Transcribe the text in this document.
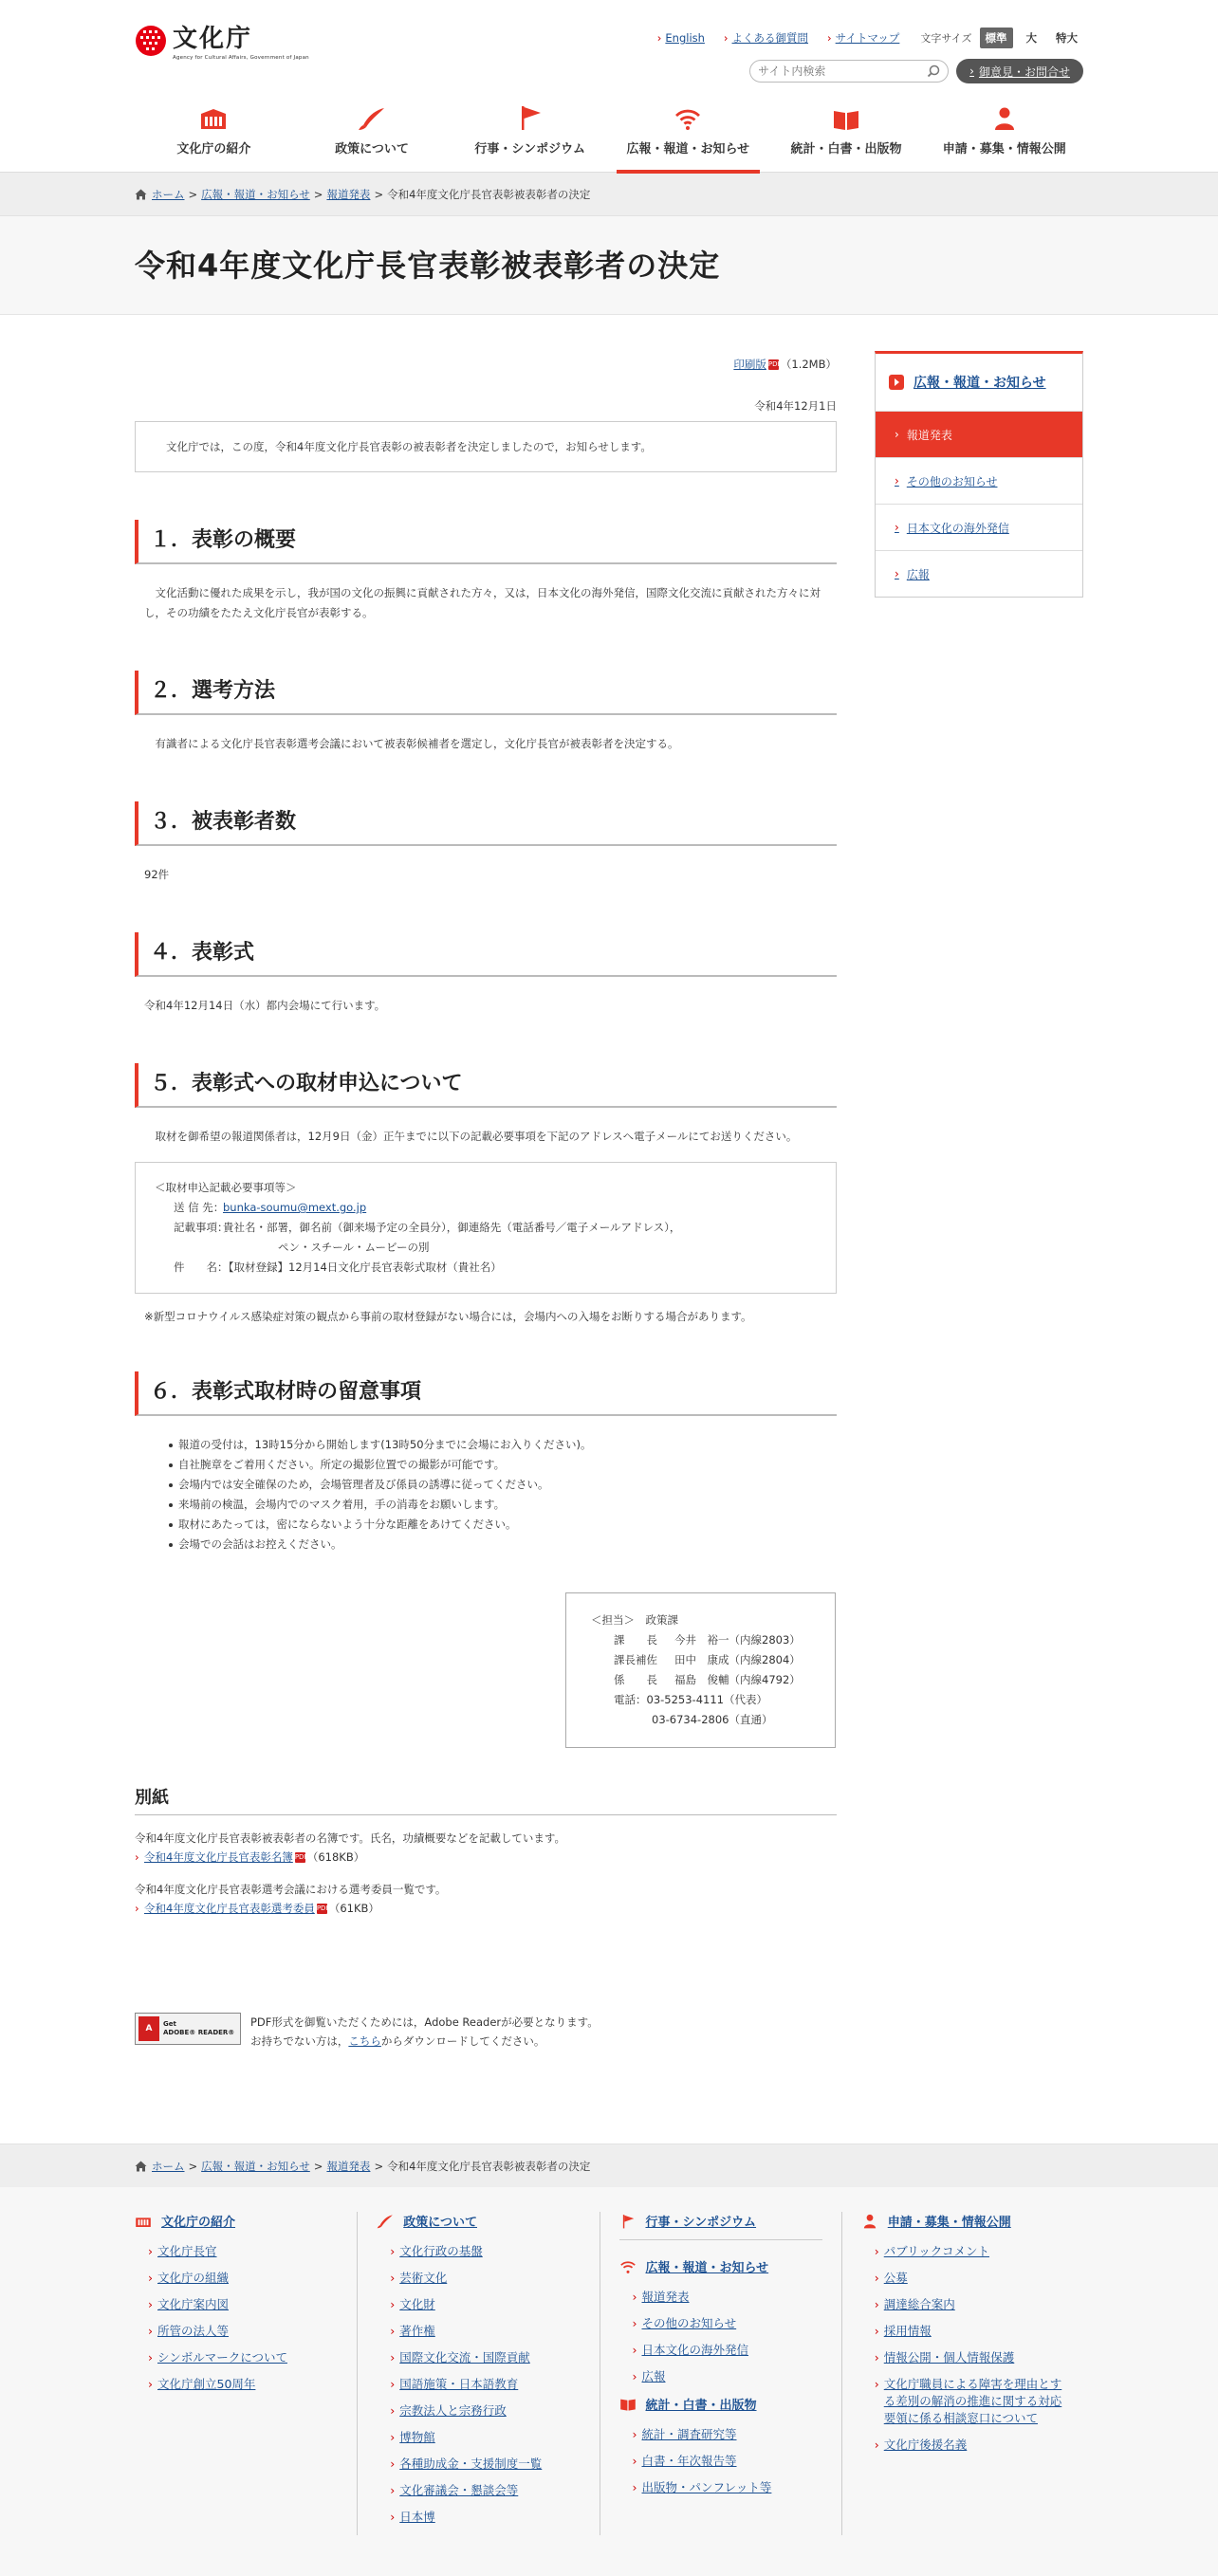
文化庁
Agency for Cultural Affairs, Government of Japan
› English	› よくある御質問	› サイトマップ 文字サイズ	標準	大	特大
サイト内検索
› 御意見・お問合せ
文化庁の紹介	政策について	行事・シンポジウム	広報・報道・お知らせ	統計・白書・出版物	申請・募集・情報公開
ホーム > 広報・報道・お知らせ > 報道発表 > 令和4年度文化庁長官表彰被表彰者の決定
令和4年度文化庁長官表彰被表彰者の決定
印刷版 PDF（1.2MB）
令和4年12月1日
文化庁では，この度，令和4年度文化庁長官表彰の被表彰者を決定しましたので，お知らせします。
１．表彰の概要

文化活動に優れた成果を示し，我が国の文化の振興に貢献された方々，又は，日本文化の海外発信，国際文化交流に貢献された方々に対し，その功績をたたえ文化庁長官が表彰する。

２．選考方法

有識者による文化庁長官表彰選考会議において被表彰候補者を選定し，文化庁長官が被表彰者を決定する。

３．被表彰者数

92件

４．表彰式

令和4年12月14日（水）都内会場にて行います。

５．表彰式への取材申込について

取材を御希望の報道関係者は，12月9日（金）正午までに以下の記載必要事項を下記のアドレスへ電子メールにてお送りください。

＜取材申込記載必要事項等＞
送 信 先：
bunka-soumu@mext.go.jp
記載事項：
貴社名・部署，御名前（御来場予定の全員分），御連絡先（電話番号／電子メールアドレス），
ペン・スチール・ムービーの別
件　　名：
【取材登録】12月14日文化庁長官表彰式取材（貴社名）

※新型コロナウイルス感染症対策の観点から事前の取材登録がない場合には，会場内への入場をお断りする場合があります。

６．表彰式取材時の留意事項
報道の受付は，13時15分から開始します(13時50分までに会場にお入りください)。
自社腕章をご着用ください。所定の撮影位置での撮影が可能です。
会場内では安全確保のため，会場管理者及び係員の誘導に従ってください。
来場前の検温，会場内でのマスク着用，手の消毒をお願いします。
取材にあたっては，密にならないよう十分な距離をあけてください。
会場での会話はお控えください。
＜担当＞　政策課
課　　長	今井　裕一（内線2803）
課長補佐	田中　康成（内線2804）
係　　長	福島　俊輔（内線4792）
電話： 03-5253-4111（代表）
03-6734-2806（直通）
別紙

令和4年度文化庁長官表彰被表彰者の名簿です。氏名，功績概要などを記載しています。

› 令和4年度文化庁長官表彰名簿 PDF（618KB）

令和4年度文化庁長官表彰選考会議における選考委員一覧です。

› 令和4年度文化庁長官表彰選考委員 PDF（61KB）
A	Get
ADOBE® READER®
PDF形式を御覧いただくためには，Adobe Readerが必要となります。
お持ちでない方は，こちらからダウンロードしてください。
広報・報道・お知らせ
› 報道発表
› その他のお知らせ
› 日本文化の海外発信
› 広報
ホーム > 広報・報道・お知らせ > 報道発表 > 令和4年度文化庁長官表彰被表彰者の決定
文化庁の紹介
› 文化庁長官
› 文化庁の組織
› 文化庁案内図
› 所管の法人等
› シンボルマークについて
› 文化庁創立50周年
政策について
› 文化行政の基盤
› 芸術文化
› 文化財
› 著作権
› 国際文化交流・国際貢献
› 国語施策・日本語教育
› 宗教法人と宗務行政
› 博物館
› 各種助成金・支援制度一覧
› 文化審議会・懇談会等
› 日本博
行事・シンポジウム
広報・報道・お知らせ
› 報道発表
› その他のお知らせ
› 日本文化の海外発信
› 広報
統計・白書・出版物
› 統計・調査研究等
› 白書・年次報告等
› 出版物・パンフレット等
申請・募集・情報公開
› パブリックコメント
› 公募
› 調達総合案内
› 採用情報
› 情報公開・個人情報保護
› 文化庁職員による障害を理由とする差別の解消の推進に関する対応要領に係る相談窓口について
› 文化庁後援名義
